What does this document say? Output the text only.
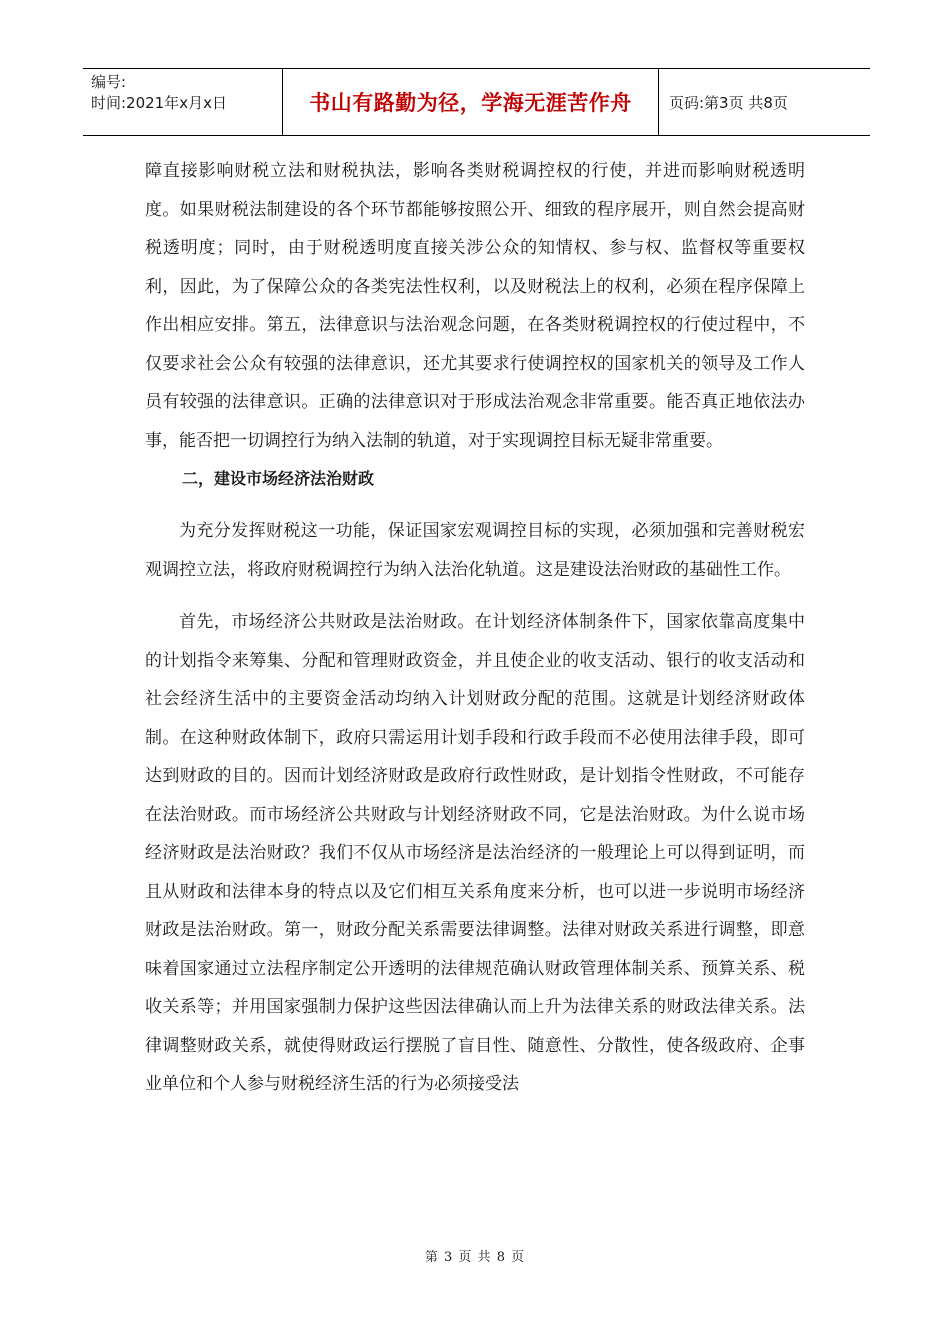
编号:
时间:2021年x月x日	书山有路勤为径，学海无涯苦作舟	页码:第3页 共8页

障直接影响财税立法和财税执法，影响各类财税调控权的行使，并进而影响财税透明度。如果财税法制建设的各个环节都能够按照公开、细致的程序展开，则自然会提高财税透明度；同时，由于财税透明度直接关涉公众的知情权、参与权、监督权等重要权利，因此，为了保障公众的各类宪法性权利，以及财税法上的权利，必须在程序保障上作出相应安排。第五，法律意识与法治观念问题，在各类财税调控权的行使过程中，不仅要求社会公众有较强的法律意识，还尤其要求行使调控权的国家机关的领导及工作人员有较强的法律意识。正确的法律意识对于形成法治观念非常重要。能否真正地依法办事，能否把一切调控行为纳入法制的轨道，对于实现调控目标无疑非常重要。

二，建设市场经济法治财政

为充分发挥财税这一功能，保证国家宏观调控目标的实现，必须加强和完善财税宏观调控立法，将政府财税调控行为纳入法治化轨道。这是建设法治财政的基础性工作。

首先，市场经济公共财政是法治财政。在计划经济体制条件下，国家依靠高度集中的计划指令来筹集、分配和管理财政资金，并且使企业的收支活动、银行的收支活动和社会经济生活中的主要资金活动均纳入计划财政分配的范围。这就是计划经济财政体制。在这种财政体制下，政府只需运用计划手段和行政手段而不必使用法律手段，即可达到财政的目的。因而计划经济财政是政府行政性财政，是计划指令性财政，不可能存在法治财政。而市场经济公共财政与计划经济财政不同，它是法治财政。为什么说市场经济财政是法治财政？我们不仅从市场经济是法治经济的一般理论上可以得到证明，而且从财政和法律本身的特点以及它们相互关系角度来分析，也可以进一步说明市场经济财政是法治财政。第一，财政分配关系需要法律调整。法律对财政关系进行调整，即意味着国家通过立法程序制定公开透明的法律规范确认财政管理体制关系、预算关系、税收关系等；并用国家强制力保护这些因法律确认而上升为法律关系的财政法律关系。法律调整财政关系，就使得财政运行摆脱了盲目性、随意性、分散性，使各级政府、企事业单位和个人参与财税经济生活的行为必须接受法

第 3 页 共 8 页
